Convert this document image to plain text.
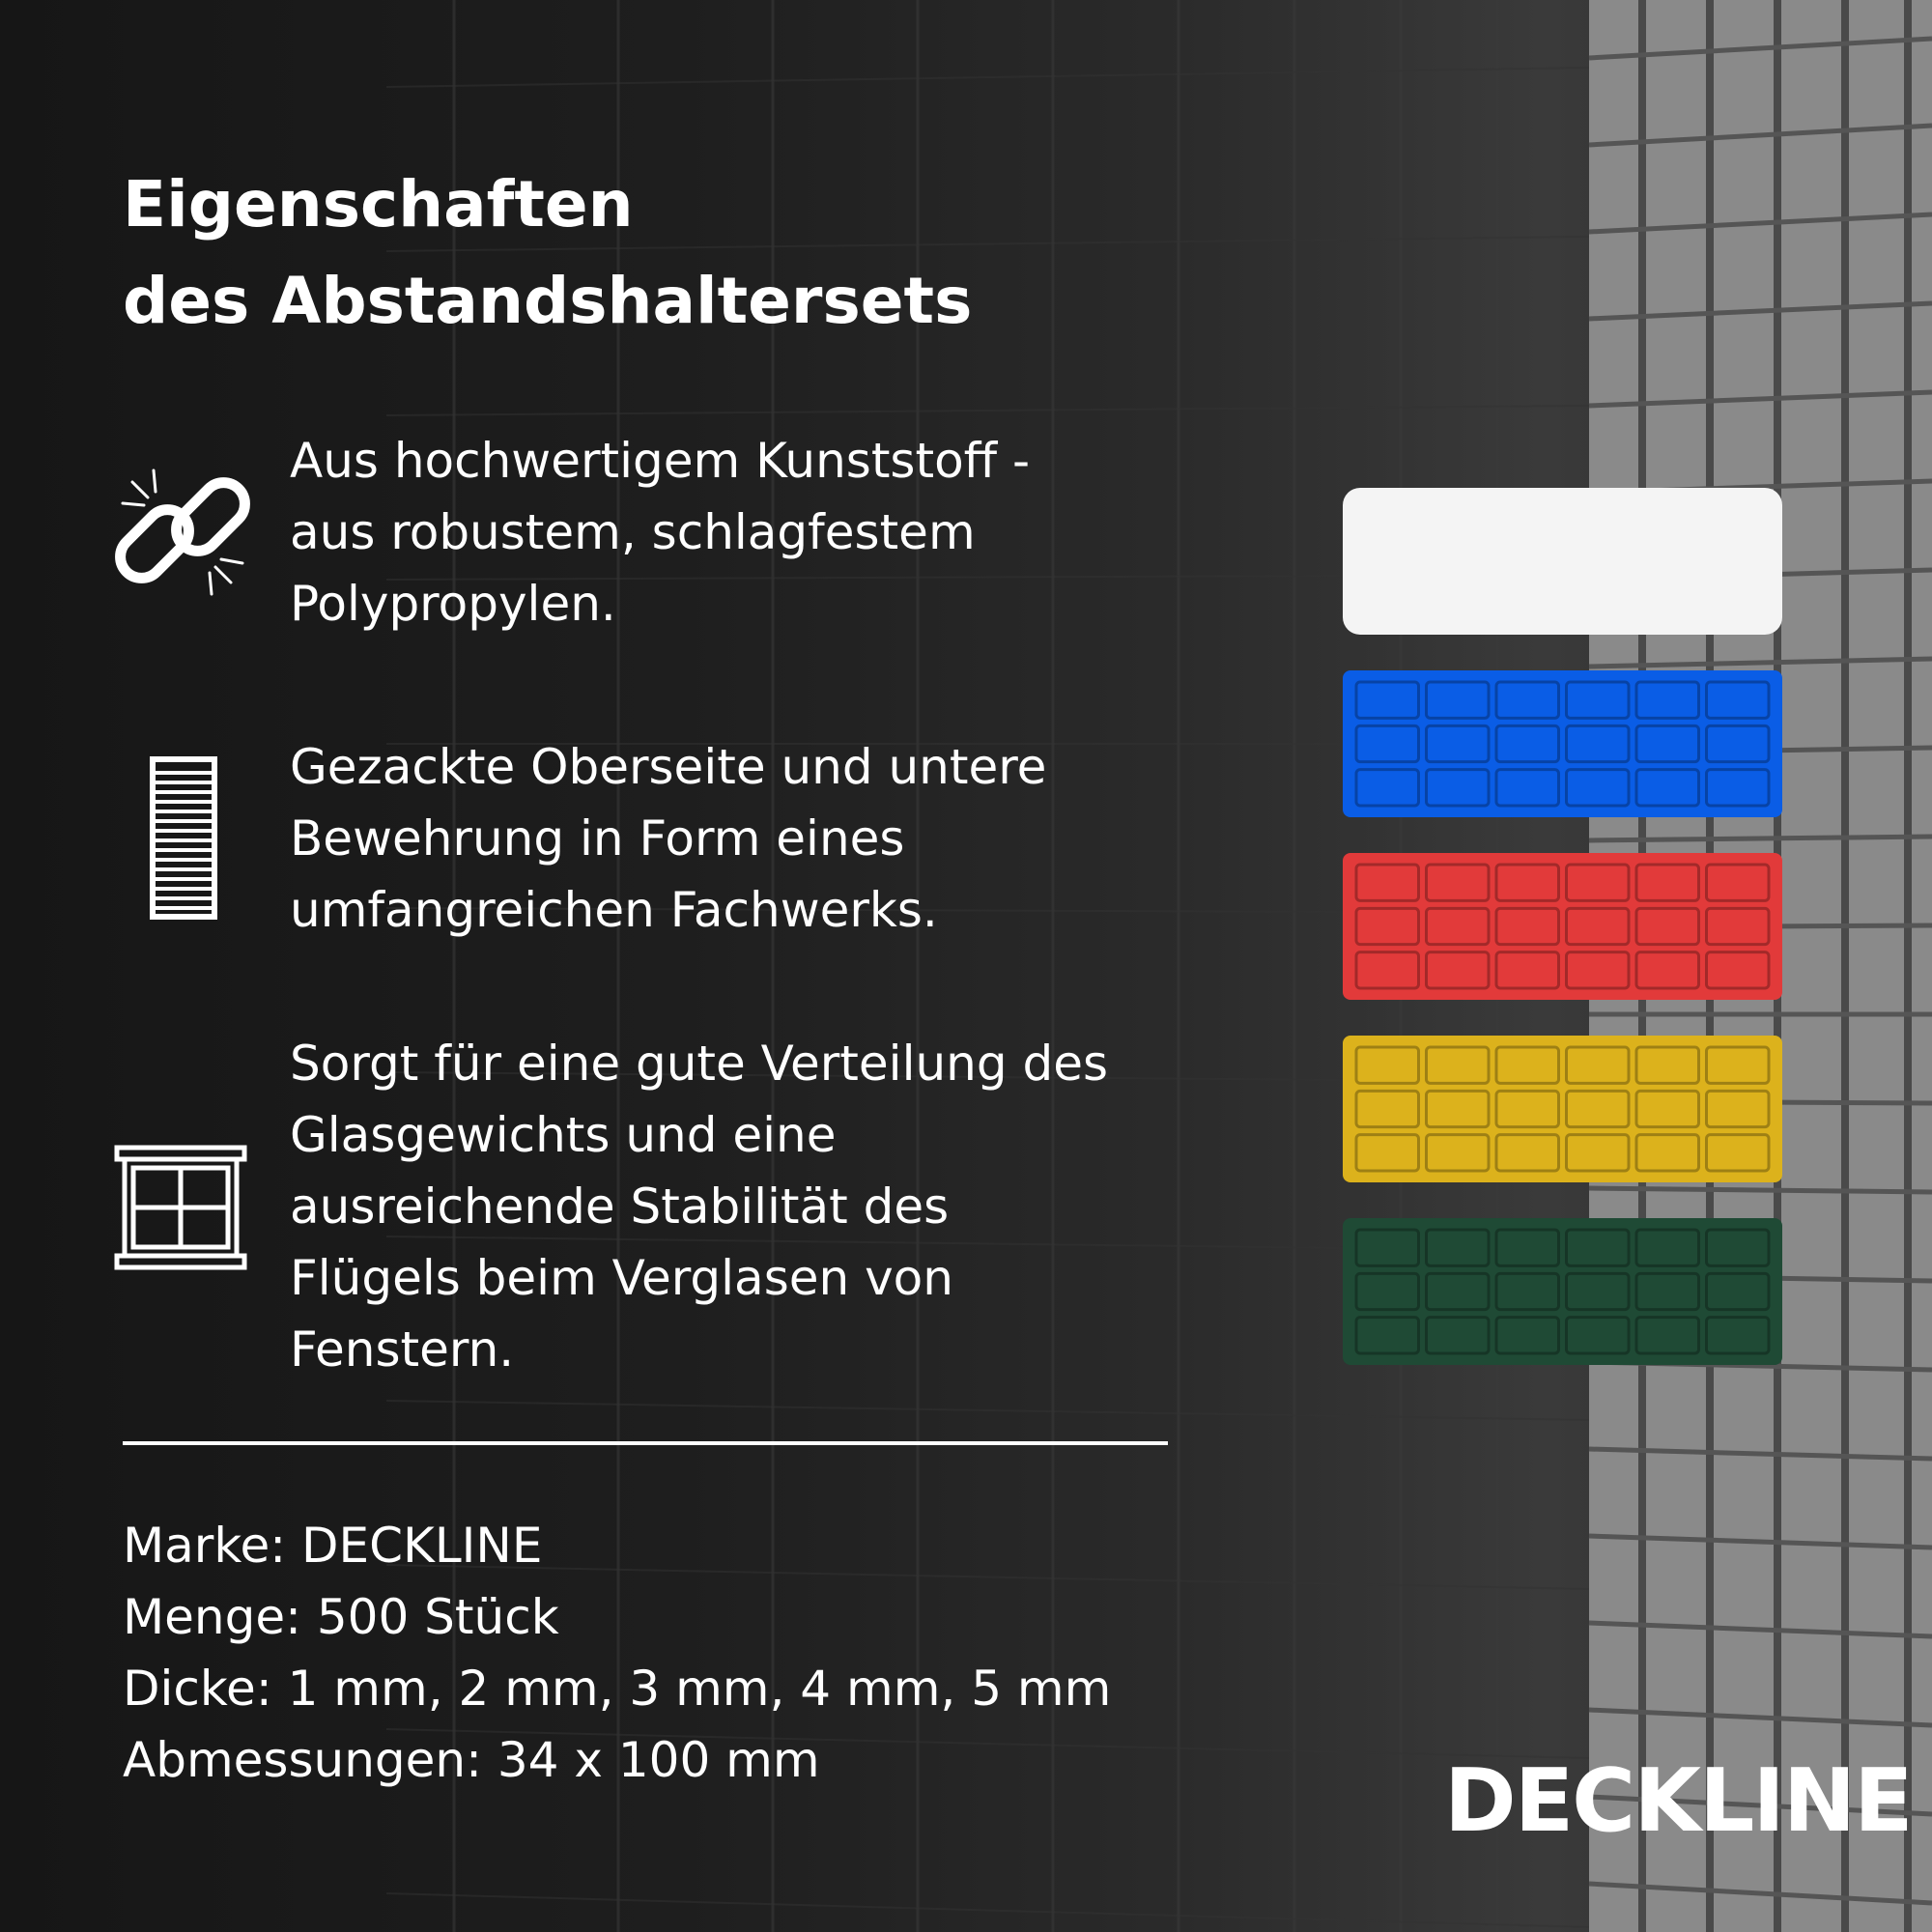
Eigenschaften
des Abstandshaltersets
Aus hochwertigem Kunststoff -
aus robustem, schlagfestem
Polypropylen.
Gezackte Oberseite und untere
Bewehrung in Form eines
umfangreichen Fachwerks.
Sorgt für eine gute Verteilung des
Glasgewichts und eine
ausreichende Stabilität des
Flügels beim Verglasen von
Fenstern.
Marke: DECKLINE
Menge: 500 Stück
Dicke: 1 mm, 2 mm, 3 mm, 4 mm, 5 mm
Abmessungen: 34 x 100 mm	DECKLINE
